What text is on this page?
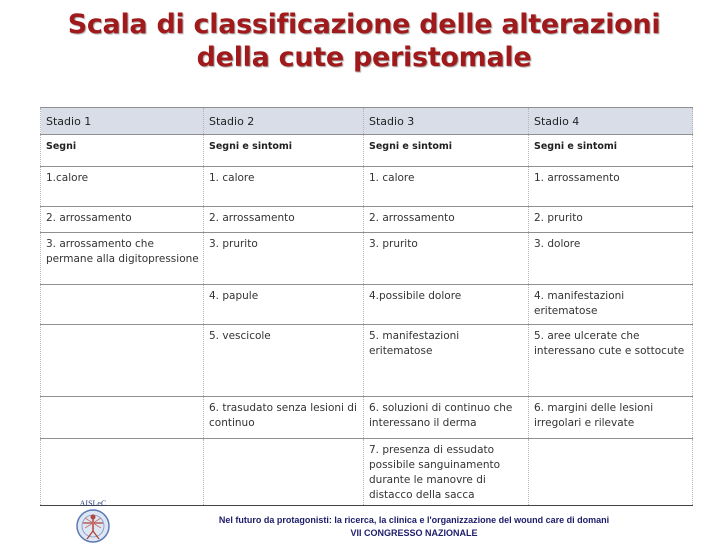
Scala di classificazione delle alterazioni
della cute peristomale
Stadio 1	Stadio 2	Stadio 3	Stadio 4
Segni	Segni e sintomi	Segni e sintomi	Segni e sintomi
1.calore	1. calore	1. calore	1. arrossamento
2. arrossamento	2. arrossamento	2. arrossamento	2. prurito
3. arrossamento che permane alla digitopressione	3. prurito	3. prurito	3. dolore
	4. papule	4.possibile dolore	4. manifestazioni eritematose
	5. vescicole	5. manifestazioni eritematose	5. aree ulcerate che interessano cute e sottocute
	6. trasudato senza lesioni di continuo	6. soluzioni di continuo che interessano il derma	6. margini delle lesioni irregolari e rilevate
		7. presenza di essudato possibile sanguinamento durante le manovre di distacco della sacca	
AISLeC
Nel futuro da protagonisti: la ricerca, la clinica e l'organizzazione del wound care di domani
VII CONGRESSO NAZIONALE
